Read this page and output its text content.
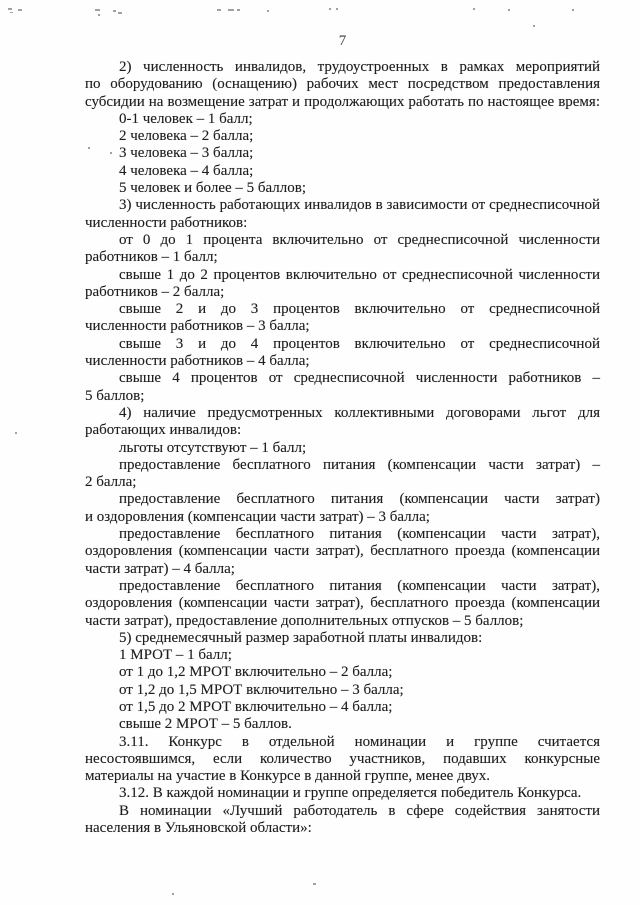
7
2) численность инвалидов, трудоустроенных в рамках мероприятий
по оборудованию (оснащению) рабочих мест посредством предоставления
субсидии на возмещение затрат и продолжающих работать по настоящее время:
0-1 человек – 1 балл;
2 человека – 2 балла;
3 человека – 3 балла;
4 человека – 4 балла;
5 человек и более – 5 баллов;
3) численность работающих инвалидов в зависимости от среднесписочной
численности работников:
от 0 до 1 процента включительно от среднесписочной численности
работников – 1 балл;
свыше 1 до 2 процентов включительно от среднесписочной численности
работников – 2 балла;
свыше 2 и до 3 процентов включительно от среднесписочной
численности работников – 3 балла;
свыше 3 и до 4 процентов включительно от среднесписочной
численности работников – 4 балла;
свыше 4 процентов от среднесписочной численности работников –
5 баллов;
4) наличие предусмотренных коллективными договорами льгот для
работающих инвалидов:
льготы отсутствуют – 1 балл;
предоставление бесплатного питания (компенсации части затрат) –
2 балла;
предоставление бесплатного питания (компенсации части затрат)
и оздоровления (компенсации части затрат) – 3 балла;
предоставление бесплатного питания (компенсации части затрат),
оздоровления (компенсации части затрат), бесплатного проезда (компенсации
части затрат) – 4 балла;
предоставление бесплатного питания (компенсации части затрат),
оздоровления (компенсации части затрат), бесплатного проезда (компенсации
части затрат), предоставление дополнительных отпусков – 5 баллов;
5) среднемесячный размер заработной платы инвалидов:
1 МРОТ – 1 балл;
от 1 до 1,2 МРОТ включительно – 2 балла;
от 1,2 до 1,5 МРОТ включительно – 3 балла;
от 1,5 до 2 МРОТ включительно – 4 балла;
свыше 2 МРОТ – 5 баллов.
3.11. Конкурс в отдельной номинации и группе считается
несостоявшимся, если количество участников, подавших конкурсные
материалы на участие в Конкурсе в данной группе, менее двух.
3.12. В каждой номинации и группе определяется победитель Конкурса.
В номинации «Лучший работодатель в сфере содействия занятости
населения в Ульяновской области»:
